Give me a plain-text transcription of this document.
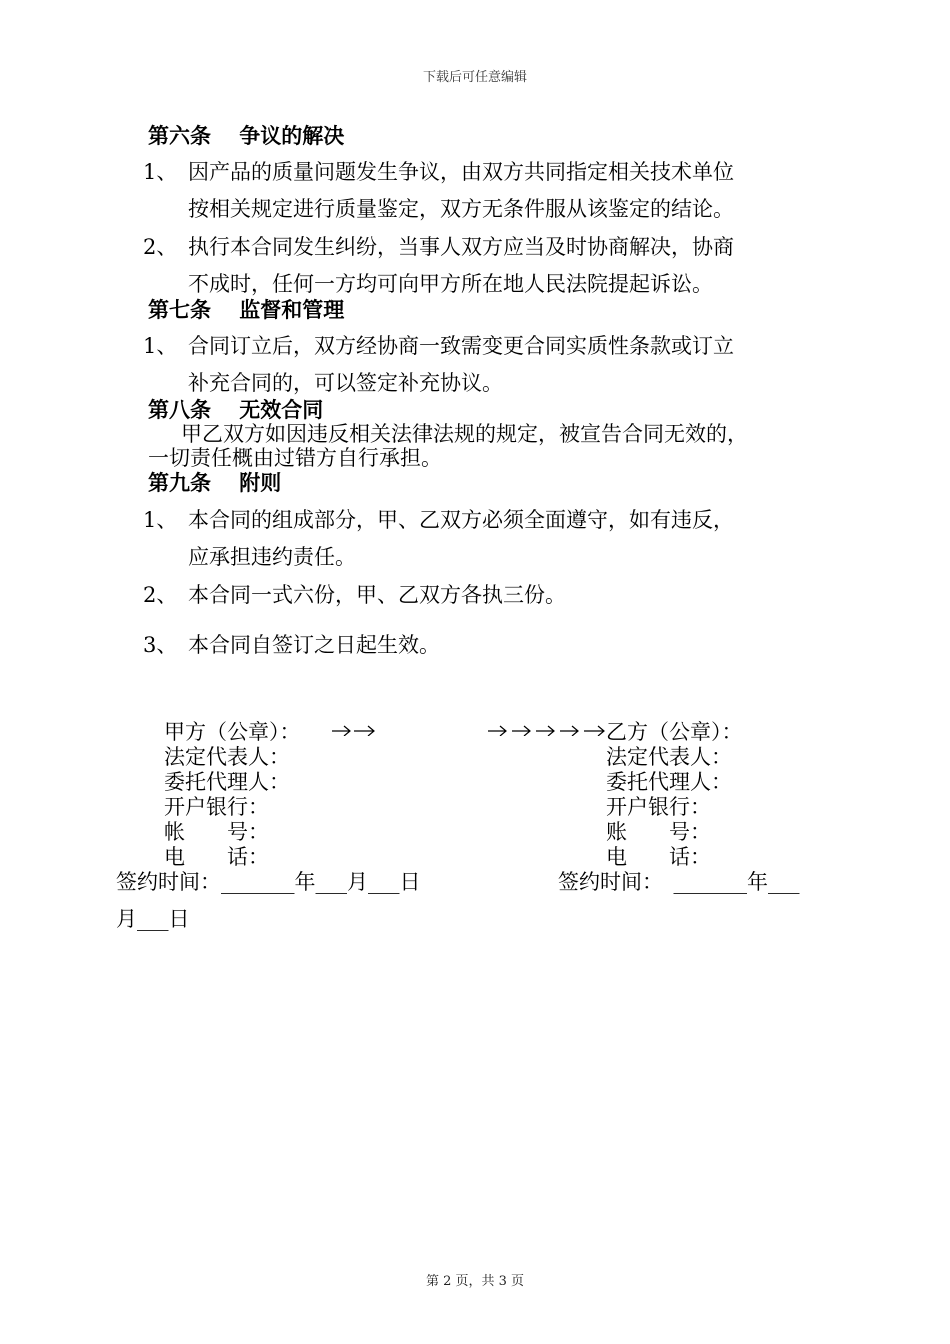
下载后可任意编辑
第六条　 争议的解决
1、 因产品的质量问题发生争议，由双方共同指定相关技术单位
按相关规定进行质量鉴定，双方无条件服从该鉴定的结论。
2、 执行本合同发生纠纷，当事人双方应当及时协商解决，协商
不成时，任何一方均可向甲方所在地人民法院提起诉讼。
第七条　 监督和管理
1、 合同订立后，双方经协商一致需变更合同实质性条款或订立
补充合同的，可以签定补充协议。
第八条　 无效合同
甲乙双方如因违反相关法律法规的规定，被宣告合同无效的，
一切责任概由过错方自行承担。
第九条　 附则
1、 本合同的组成部分，甲、乙双方必须全面遵守，如有违反，
应承担违约责任。
2、 本合同一式六份，甲、乙双方各执三份。
3、 本合同自签订之日起生效。
甲方（公章）：
法定代表人：
委托代理人：
开户银行：
帐　　号：
电　　话：
乙方（公章）：
法定代表人：
委托代理人：
开户银行：
账　　号：
电　　话：
签约时间：_______年___月___日	签约时间：　_______年___
月___日
第 2 页，共 3 页
